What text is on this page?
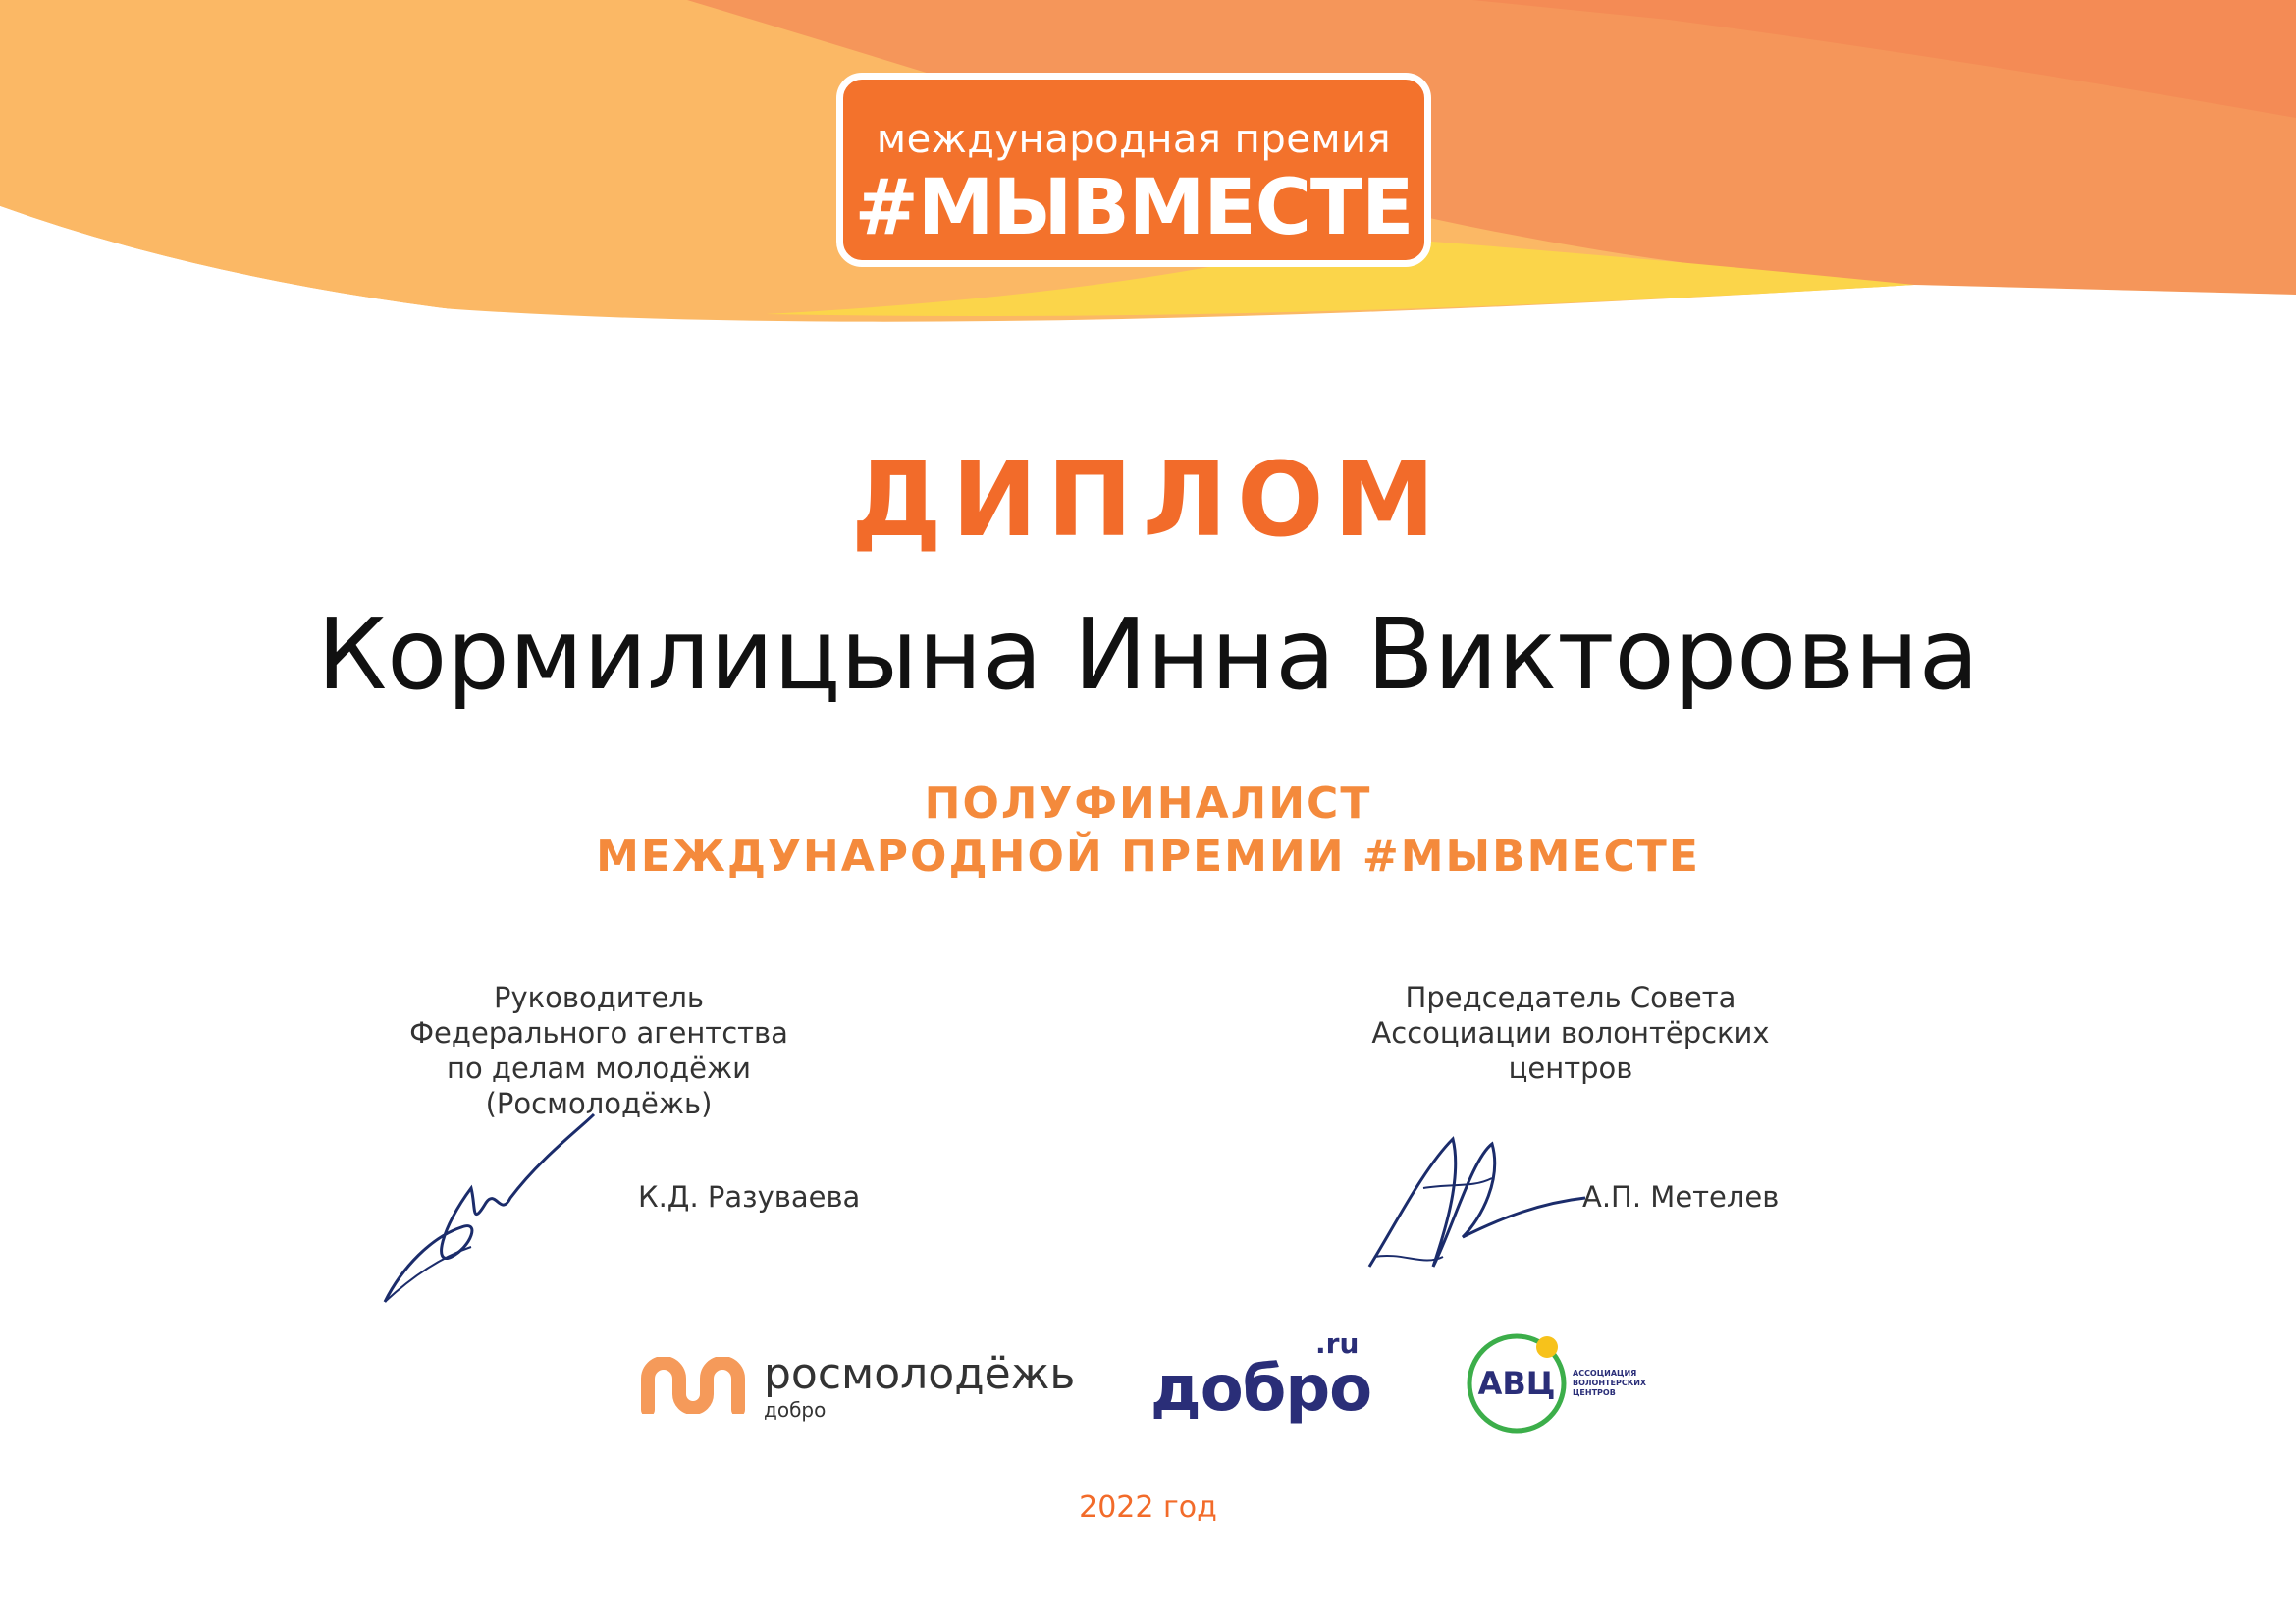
международная премия
#МЫВМЕСТЕ
ДИПЛОМ
Кормилицына Инна Викторовна
ПОЛУФИНАЛИСТ
МЕЖДУНАРОДНОЙ ПРЕМИИ #МЫВМЕСТЕ
Руководитель
Федерального агентства
по делам молодёжи
(Росмолодёжь)
К.Д. Разуваева
Председатель Совета
Ассоциации волонтёрских
центров
А.П. Метелев
росмолодёжь
добро	добро
.ru
АВЦ	АССОЦИАЦИЯ
ВОЛОНТЕРСКИХ
ЦЕНТРОВ
2022 год
